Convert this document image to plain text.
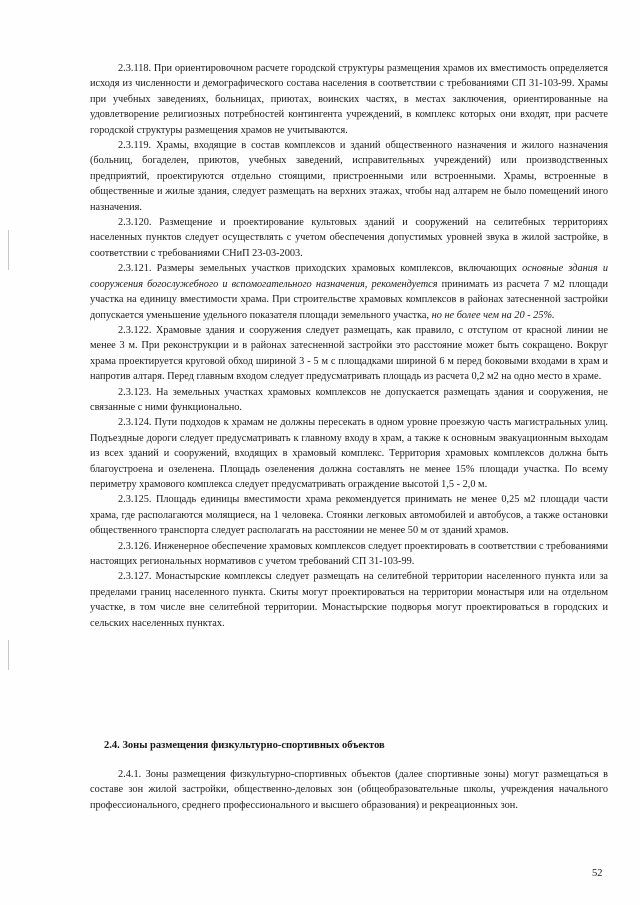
2.3.118. При ориентировочном расчете городской структуры размещения храмов их вместимость определяется исходя из численности и демографического состава населения в соответствии с требованиями СП 31-103-99. Храмы при учебных заведениях, больницах, приютах, воинских частях, в местах заключения, ориентированные на удовлетворение религиозных потребностей контингента учреждений, в комплекс которых они входят, при расчете городской структуры размещения храмов не учитываются.

2.3.119. Храмы, входящие в состав комплексов и зданий общественного назначения и жилого назначения (больниц, богаделен, приютов, учебных заведений, исправительных учреждений) или производственных предприятий, проектируются отдельно стоящими, пристроенными или встроенными. Храмы, встроенные в общественные и жилые здания, следует размещать на верхних этажах, чтобы над алтарем не было помещений иного назначения.

2.3.120. Размещение и проектирование культовых зданий и сооружений на селитебных территориях населенных пунктов следует осуществлять с учетом обеспечения допустимых уровней звука в жилой застройке, в соответствии с требованиями СНиП 23-03-2003.

2.3.121. Размеры земельных участков приходских храмовых комплексов, включающих основные здания и сооружения богослужебного и вспомогательного назначения, рекомендуется принимать из расчета 7 м2 площади участка на единицу вместимости храма. При строительстве храмовых комплексов в районах затесненной застройки допускается уменьшение удельного показателя площади земельного участка, но не более чем на 20 - 25%.

2.3.122. Храмовые здания и сооружения следует размещать, как правило, с отступом от красной линии не менее 3 м. При реконструкции и в районах затесненной застройки это расстояние может быть сокращено. Вокруг храма проектируется круговой обход шириной 3 - 5 м с площадками шириной 6 м перед боковыми входами в храм и напротив алтаря. Перед главным входом следует предусматривать площадь из расчета 0,2 м2 на одно место в храме.

2.3.123. На земельных участках храмовых комплексов не допускается размещать здания и сооружения, не связанные с ними функционально.

2.3.124. Пути подходов к храмам не должны пересекать в одном уровне проезжую часть магистральных улиц. Подъездные дороги следует предусматривать к главному входу в храм, а также к основным эвакуационным выходам из всех зданий и сооружений, входящих в храмовый комплекс. Территория храмовых комплексов должна быть благоустроена и озеленена. Площадь озеленения должна составлять не менее 15% площади участка. По всему периметру храмового комплекса следует предусматривать ограждение высотой 1,5 - 2,0 м.

2.3.125. Площадь единицы вместимости храма рекомендуется принимать не менее 0,25 м2 площади части храма, где располагаются молящиеся, на 1 человека. Стоянки легковых автомобилей и автобусов, а также остановки общественного транспорта следует располагать на расстоянии не менее 50 м от зданий храмов.

2.3.126. Инженерное обеспечение храмовых комплексов следует проектировать в соответствии с требованиями настоящих региональных нормативов с учетом требований СП 31-103-99.

2.3.127. Монастырские комплексы следует размещать на селитебной территории населенного пункта или за пределами границ населенного пункта. Скиты могут проектироваться на территории монастыря или на отдельном участке, в том числе вне селитебной территории. Монастырские подворья могут проектироваться в городских и сельских населенных пунктах.

2.4. Зоны размещения физкультурно-спортивных объектов

2.4.1. Зоны размещения физкультурно-спортивных объектов (далее спортивные зоны) могут размещаться в составе зон жилой застройки, общественно-деловых зон (общеобразовательные школы, учреждения начального профессионального, среднего профессионального и высшего образования) и рекреационных зон.

52
